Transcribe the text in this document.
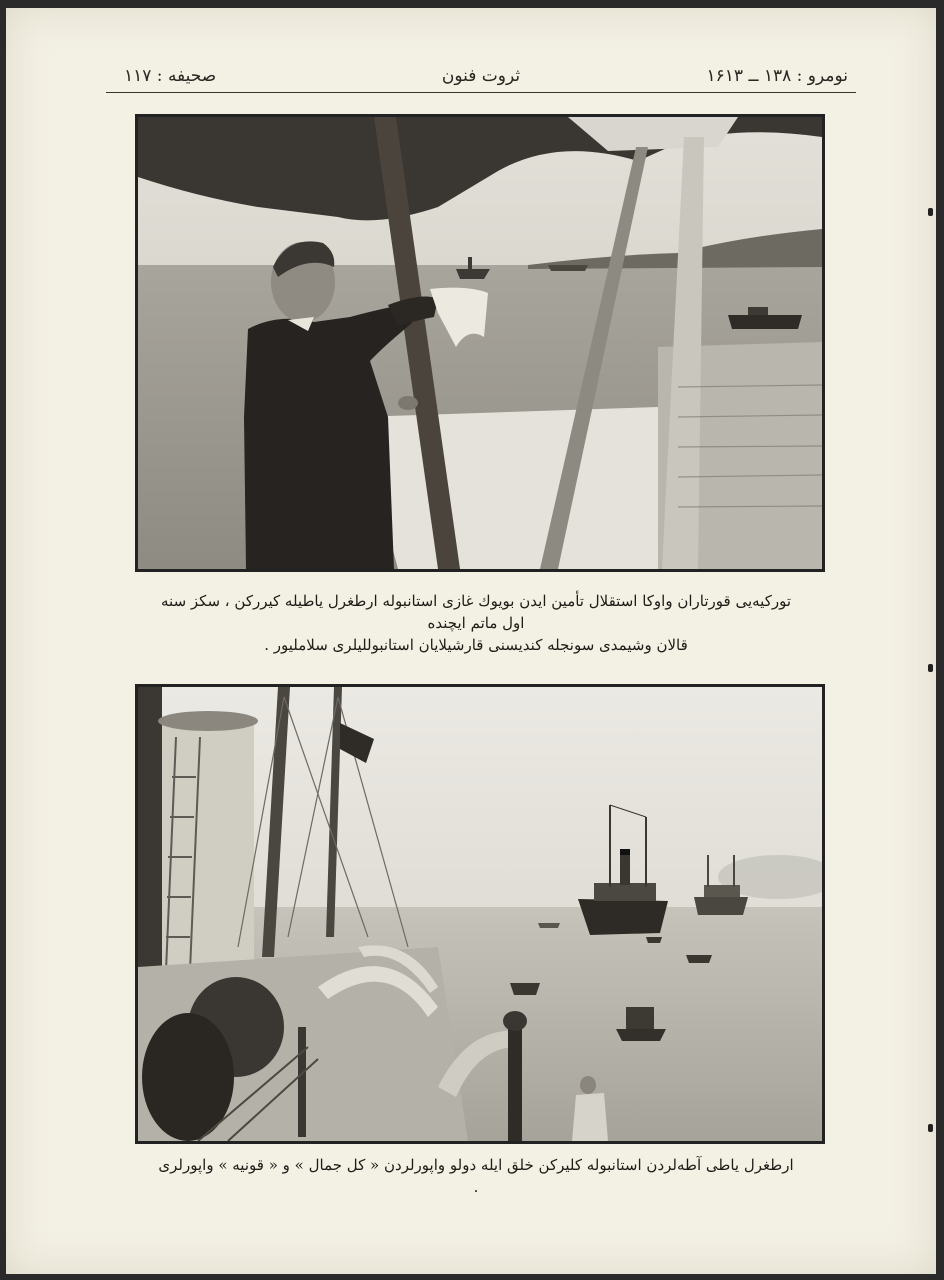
نومرو : ۱۳۸ ــ ۱۶۱۳
ثروت فنون
صحیفه : ۱۱۷
تورکیه‌یی قورتاران واوکا استقلال تأمین ایدن بویوك غازی استانبوله ارطغرل یاطیله کیررکن ، سکز سنه اول ماتم ایچنده
قالان وشیمدی سونجله کندیسنی قارشیلایان استانبوللیلری سلاملیور .
ارطغرل یاطی آطه‌لردن استانبوله کلیرکن خلق ایله دولو واپورلردن « کل جمال » و « قونیه » واپورلری .
